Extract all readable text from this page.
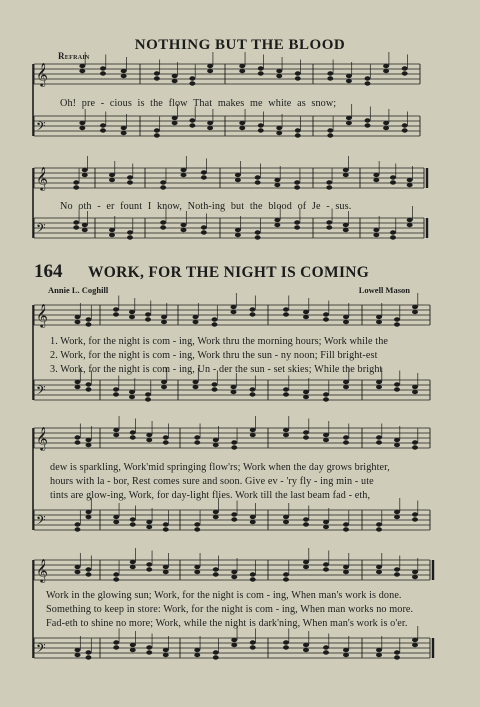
𝄞
𝄢
𝄞
𝄢
𝄞
𝄢
𝄞
𝄢
𝄞
𝄢
NOTHING BUT THE BLOOD
Refrain
Oh! pre - cious is the flow That makes me white as snow;
No oth - er fount I know, Noth-ing but the blood of Je - sus.
164 WORK, FOR THE NIGHT IS COMING
Annie L. Coghill	Lowell Mason
1. Work, for the night is com - ing, Work thru the morning hours; Work while the
2. Work, for the night is com - ing, Work thru the sun - ny noon; Fill bright-est
3. Work, for the night is com - ing, Un - der the sun - set skies; While the bright
dew is sparkling, Work'mid springing flow'rs; Work when the day grows brighter,
hours with la - bor, Rest comes sure and soon. Give ev - 'ry fly - ing min - ute
tints are glow-ing, Work, for day-light flies. Work till the last beam fad - eth,
Work in the glowing sun; Work, for the night is com - ing, When man's work is done.
Something to keep in store: Work, for the night is com - ing, When man works no more.
Fad-eth to shine no more; Work, while the night is dark'ning, When man's work is o'er.
